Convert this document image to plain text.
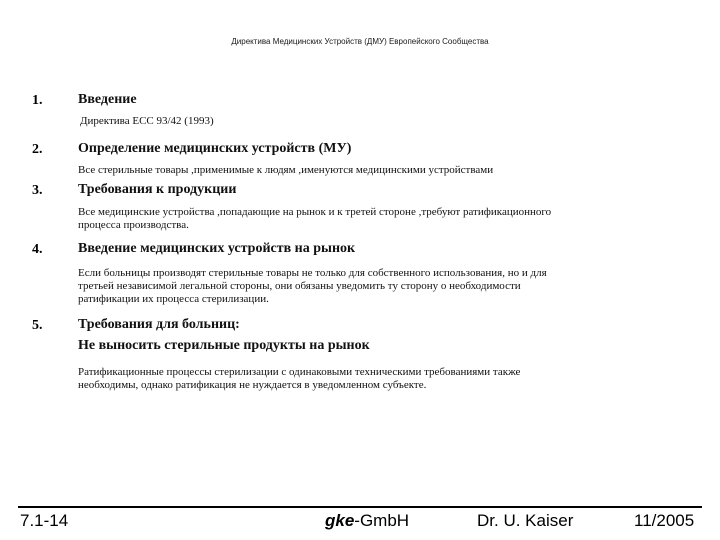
Директива Медицинских Устройств (ДМУ) Европейского Сообщества
1.	Введение
Директива ЕСС 93/42 (1993)
2.	Определение медицинских устройств (МУ)
Все стерильные товары ,применимые к людям ,именуются медицинскими устройствами
3.	Требования к продукции
Все медицинские устройства ,попадающие на рынок и к третей стороне ,требуют ратификационного
процесса производства.
4.	Введение медицинских устройств на рынок
Если больницы производят стерильные товары не только для собственного использования, но и для
третьей независимой легальной стороны, они обязаны уведомить ту сторону о необходимости
ратификации их процесса стерилизации.
5.	Требования для больниц:
Не выносить стерильные продукты на рынок
Ратификационные процессы стерилизации с одинаковыми техническими требованиями также
необходимы, однако ратификация не нуждается в уведомленном субъекте.
7.1-14	gke-GmbH	Dr. U. Kaiser	11/2005
